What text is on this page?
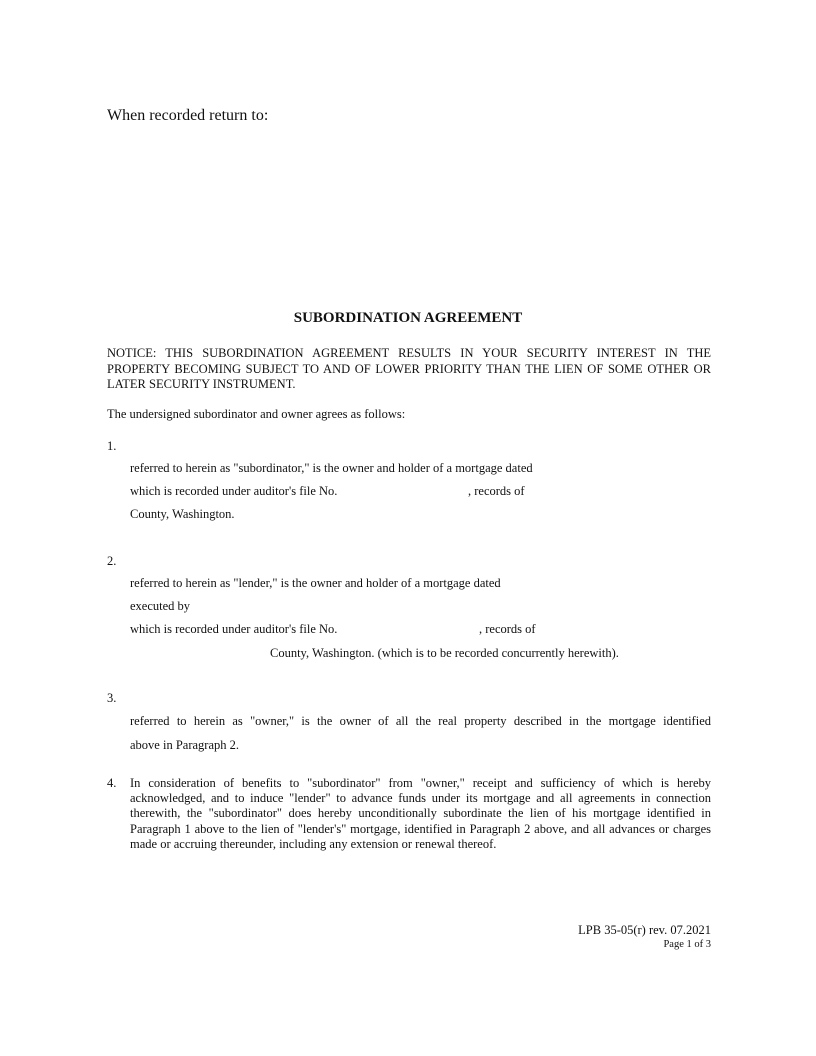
When recorded return to:
SUBORDINATION AGREEMENT
NOTICE: THIS SUBORDINATION AGREEMENT RESULTS IN YOUR SECURITY INTEREST IN THE PROPERTY BECOMING SUBJECT TO AND OF LOWER PRIORITY THAN THE LIEN OF SOME OTHER OR LATER SECURITY INSTRUMENT.
The undersigned subordinator and owner agrees as follows:
1.
referred to herein as "subordinator," is the owner and holder of a mortgage dated
which is recorded under auditor's file No.	, records of
County, Washington.
2.
referred to herein as "lender," is the owner and holder of a mortgage dated
executed by
which is recorded under auditor's file No.	, records of
County, Washington. (which is to be recorded concurrently herewith).
3.
referred to herein as "owner," is the owner of all the real property described in the mortgage identified
above in Paragraph 2.
4. In consideration of benefits to "subordinator" from "owner," receipt and sufficiency of which is hereby acknowledged, and to induce "lender" to advance funds under its mortgage and all agreements in connection therewith, the "subordinator" does hereby unconditionally subordinate the lien of his mortgage identified in Paragraph 1 above to the lien of "lender's" mortgage, identified in Paragraph 2 above, and all advances or charges made or accruing thereunder, including any extension or renewal thereof.
LPB 35-05(r) rev. 07.2021
Page 1 of 3
